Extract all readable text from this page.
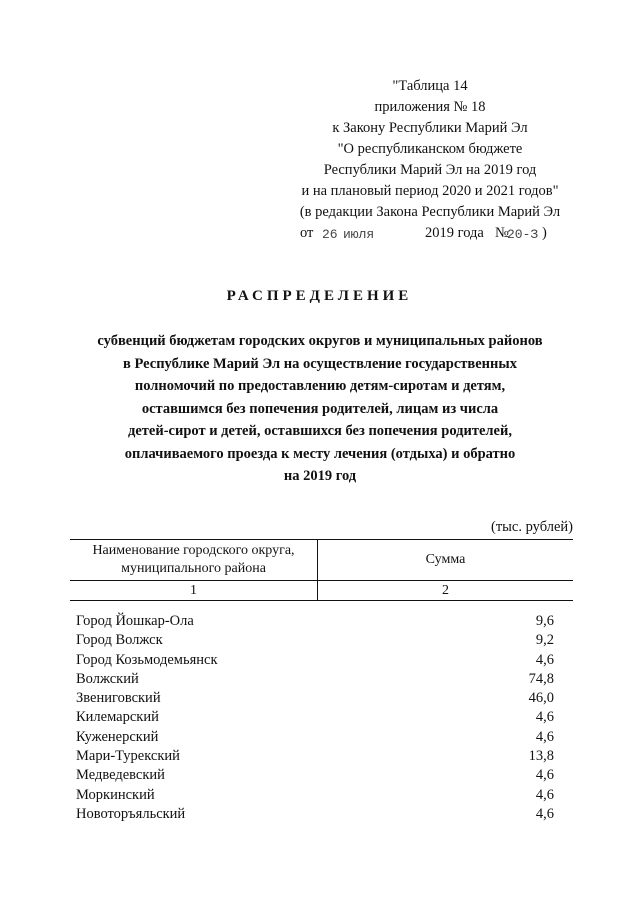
"Таблица 14
приложения № 18
к Закону Республики Марий Эл
"О республиканском бюджете
Республики Марий Эл на 2019 год
и на плановый период 2020 и 2021 годов"
(в редакции Закона Республики Марий Эл
от 26 июля	2019 года №
20-З )
РАСПРЕДЕЛЕНИЕ
субвенций бюджетам городских округов и муниципальных районов
в Республике Марий Эл на осуществление государственных
полномочий по предоставлению детям-сиротам и детям,
оставшимся без попечения родителей, лицам из числа
детей-сирот и детей, оставшихся без попечения родителей,
оплачиваемого проезда к месту лечения (отдыха) и обратно
на 2019 год
(тыс. рублей)
Наименование городского округа,
муниципального района
Сумма
1	2
Город Йошкар-Ола	9,6
Город Волжск	9,2
Город Козьмодемьянск	4,6
Волжский	74,8
Звениговский	46,0
Килемарский	4,6
Куженерский	4,6
Мари-Турекский	13,8
Медведевский	4,6
Моркинский	4,6
Новоторъяльский	4,6
